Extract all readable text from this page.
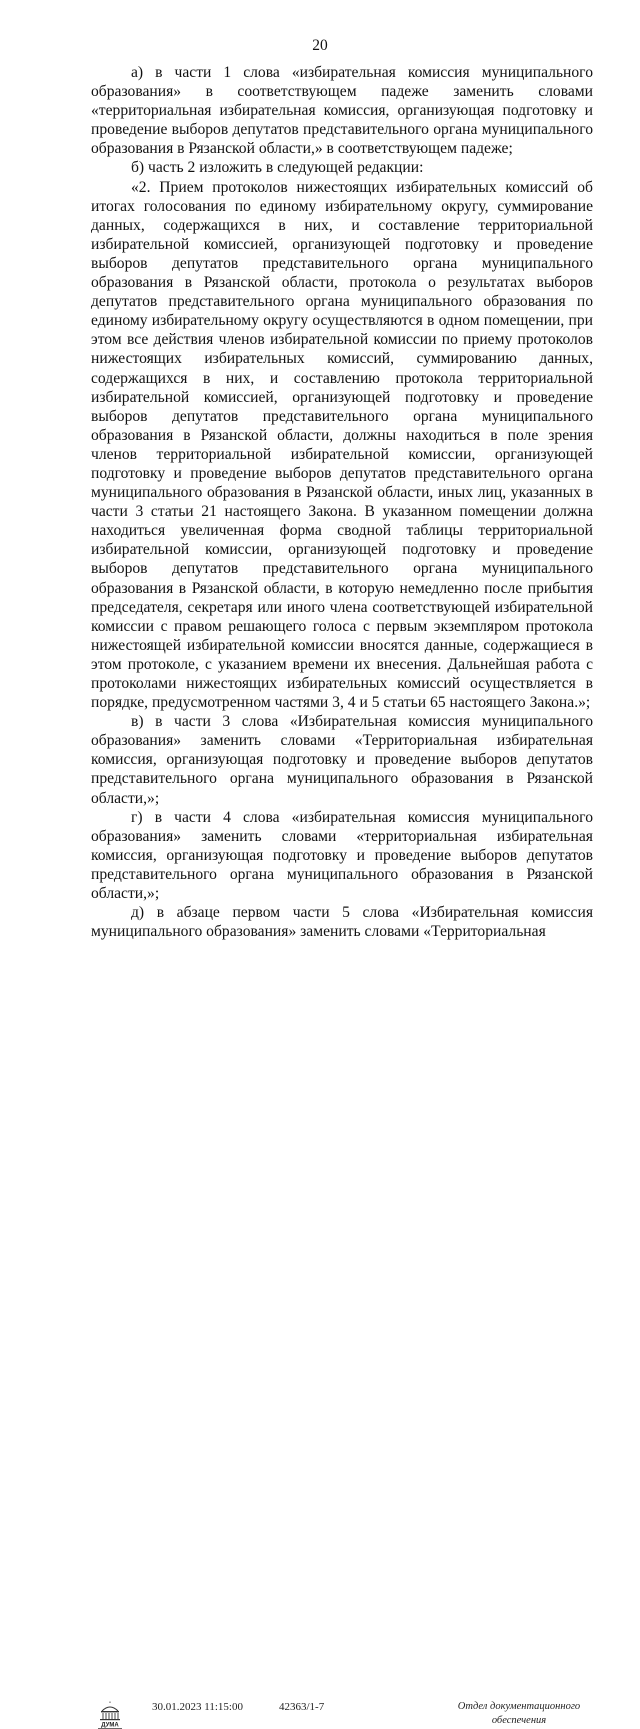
20

а) в части 1 слова «избирательная комиссия муниципального образования» в соответствующем падеже заменить словами «территориальная избирательная комиссия, организующая подготовку и проведение выборов депутатов представительного органа муниципального образования в Рязанской области,» в соответствующем падеже;

б) часть 2 изложить в следующей редакции:

«2. Прием протоколов нижестоящих избирательных комиссий об итогах голосования по единому избирательному округу, суммирование данных, содержащихся в них, и составление территориальной избирательной комиссией, организующей подготовку и проведение выборов депутатов представительного органа муниципального образования в Рязанской области, протокола о результатах выборов депутатов представительного органа муниципального образования по единому избирательному округу осуществляются в одном помещении, при этом все действия членов избирательной комиссии по приему протоколов нижестоящих избирательных комиссий, суммированию данных, содержащихся в них, и составлению протокола территориальной избирательной комиссией, организующей подготовку и проведение выборов депутатов представительного органа муниципального образования в Рязанской области, должны находиться в поле зрения членов территориальной избирательной комиссии, организующей подготовку и проведение выборов депутатов представительного органа муниципального образования в Рязанской области, иных лиц, указанных в части 3 статьи 21 настоящего Закона. В указанном помещении должна находиться увеличенная форма сводной таблицы территориальной избирательной комиссии, организующей подготовку и проведение выборов депутатов представительного органа муниципального образования в Рязанской области, в которую немедленно после прибытия председателя, секретаря или иного члена соответствующей избирательной комиссии с правом решающего голоса с первым экземпляром протокола нижестоящей избирательной комиссии вносятся данные, содержащиеся в этом протоколе, с указанием времени их внесения. Дальнейшая работа с протоколами нижестоящих избирательных комиссий осуществляется в порядке, предусмотренном частями 3, 4 и 5 статьи 65 настоящего Закона.»;

в) в части 3 слова «Избирательная комиссия муниципального образования» заменить словами «Территориальная избирательная комиссия, организующая подготовку и проведение выборов депутатов представительного органа муниципального образования в Рязанской области,»;

г) в части 4 слова «избирательная комиссия муниципального образования» заменить словами «территориальная избирательная комиссия, организующая подготовку и проведение выборов депутатов представительного органа муниципального образования в Рязанской области,»;

д) в абзаце первом части 5 слова «Избирательная комиссия муниципального образования» заменить словами «Территориальная

ДУМА
30.01.2023 11:15:00	42363/1-7	Отдел документационного
обеспечения
